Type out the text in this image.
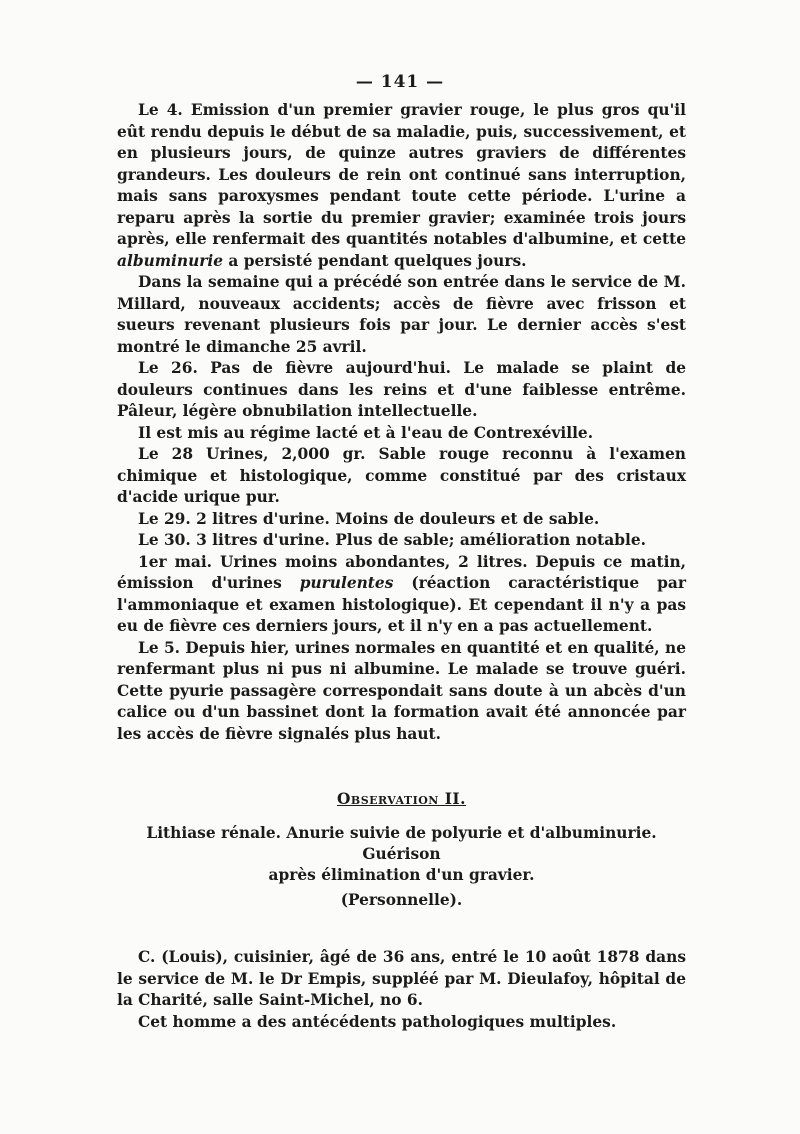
— 141 —

Le 4. Emission d'un premier gravier rouge, le plus gros qu'il eût rendu depuis le début de sa maladie, puis, successivement, et en plusieurs jours, de quinze autres graviers de différentes grandeurs. Les douleurs de rein ont continué sans interruption, mais sans paroxysmes pendant toute cette période. L'urine a reparu après la sortie du premier gravier; examinée trois jours après, elle renfermait des quantités notables d'albumine, et cette albuminurie a persisté pendant quelques jours.

Dans la semaine qui a précédé son entrée dans le service de M. Millard, nouveaux accidents; accès de fièvre avec frisson et sueurs revenant plusieurs fois par jour. Le dernier accès s'est montré le dimanche 25 avril.

Le 26. Pas de fièvre aujourd'hui. Le malade se plaint de douleurs continues dans les reins et d'une faiblesse entrême. Pâleur, légère obnubilation intellectuelle.

Il est mis au régime lacté et à l'eau de Contrexéville.

Le 28 Urines, 2,000 gr. Sable rouge reconnu à l'examen chimique et histologique, comme constitué par des cristaux d'acide urique pur.

Le 29. 2 litres d'urine. Moins de douleurs et de sable.

Le 30. 3 litres d'urine. Plus de sable; amélioration notable.

1er mai. Urines moins abondantes, 2 litres. Depuis ce matin, émission d'urines purulentes (réaction caractéristique par l'ammoniaque et examen histologique). Et cependant il n'y a pas eu de fièvre ces derniers jours, et il n'y en a pas actuellement.

Le 5. Depuis hier, urines normales en quantité et en qualité, ne renfermant plus ni pus ni albumine. Le malade se trouve guéri. Cette pyurie passagère correspondait sans doute à un abcès d'un calice ou d'un bassinet dont la formation avait été annoncée par les accès de fièvre signalés plus haut.

Observation II.

Lithiase rénale. Anurie suivie de polyurie et d'albuminurie. Guérison
après élimination d'un gravier.

(Personnelle).

C. (Louis), cuisinier, âgé de 36 ans, entré le 10 août 1878 dans le service de M. le Dr Empis, suppléé par M. Dieulafoy, hôpital de la Charité, salle Saint-Michel, no 6.

Cet homme a des antécédents pathologiques multiples.
